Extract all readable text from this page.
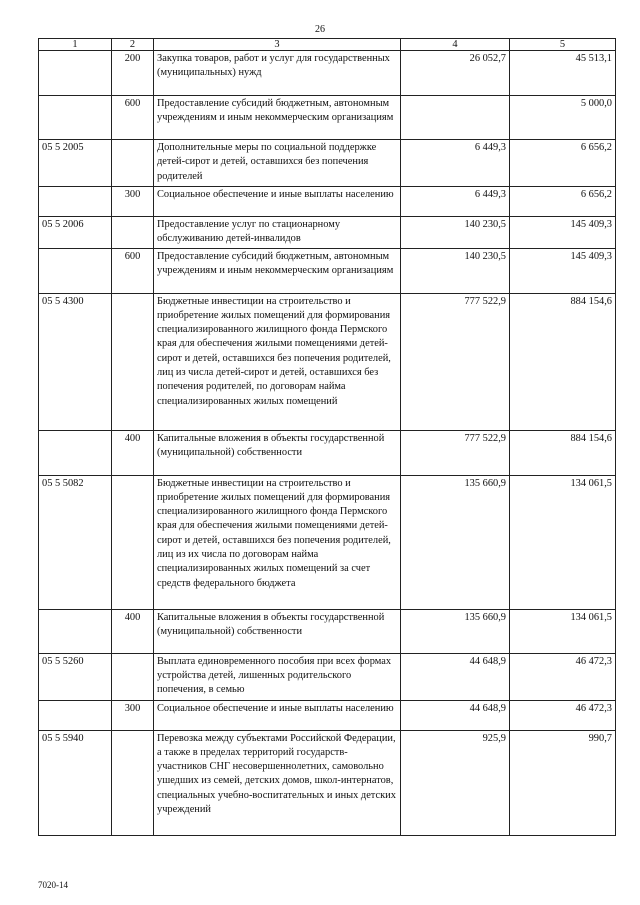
26
1	2	3	4	5
	200	Закупка товаров, работ и услуг для государственных (муниципальных) нужд	26 052,7	45 513,1
	600	Предоставление субсидий бюджетным, автономным учреждениям и иным некоммерческим организациям		5 000,0
05 5 2005		Дополнительные меры по социальной поддержке детей-сирот и детей, оставшихся без попечения родителей	6 449,3	6 656,2
	300	Социальное обеспечение и иные выплаты населению	6 449,3	6 656,2
05 5 2006		Предоставление услуг по стационарному обслуживанию детей-инвалидов	140 230,5	145 409,3
	600	Предоставление субсидий бюджетным, автономным учреждениям и иным некоммерческим организациям	140 230,5	145 409,3
05 5 4300		Бюджетные инвестиции на строительство и приобретение жилых помещений для формирования специализированного жилищного фонда Пермского края для обеспечения жилыми помещениями детей-сирот и детей, оставшихся без попечения родителей, лиц из числа детей-сирот и детей, оставшихся без попечения родителей, по договорам найма специализированных жилых помещений	777 522,9	884 154,6
	400	Капитальные вложения в объекты государственной (муниципальной) собственности	777 522,9	884 154,6
05 5 5082		Бюджетные инвестиции на строительство и приобретение жилых помещений для формирования специализированного жилищного фонда Пермского края для обеспечения жилыми помещениями детей-сирот и детей, оставшихся без попечения родителей, лиц из их числа по договорам найма специализированных жилых помещений за счет средств федерального бюджета	135 660,9	134 061,5
	400	Капитальные вложения в объекты государственной (муниципальной) собственности	135 660,9	134 061,5
05 5 5260		Выплата единовременного пособия при всех формах устройства детей, лишенных родительского попечения, в семью	44 648,9	46 472,3
	300	Социальное обеспечение и иные выплаты населению	44 648,9	46 472,3
05 5 5940		Перевозка между субъектами Российской Федерации, а также в пределах территорий государств-участников СНГ несовершеннолетних, самовольно ушедших из семей, детских домов, школ-интернатов, специальных учебно-воспитательных и иных детских учреждений	925,9	990,7
7020-14
